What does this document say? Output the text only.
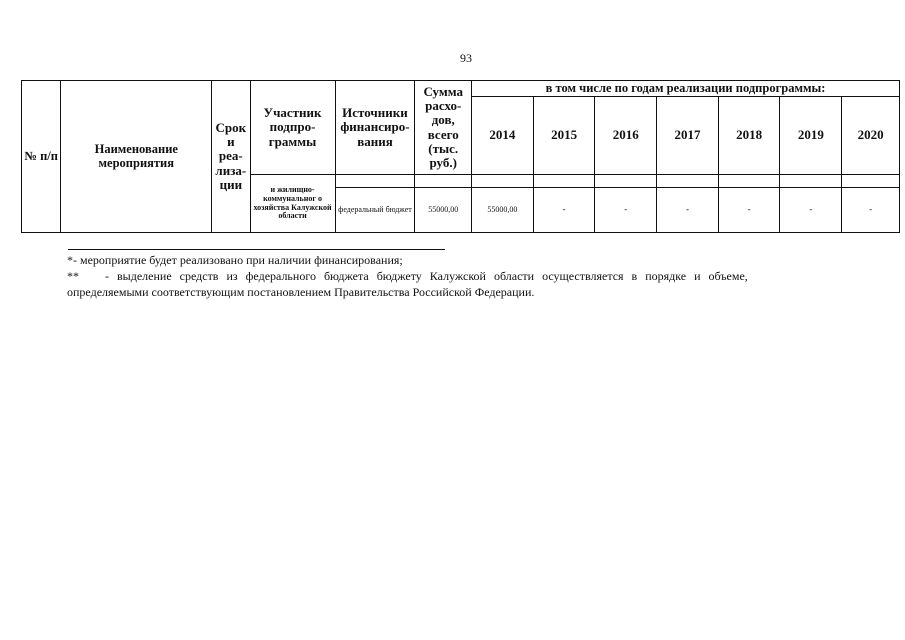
93
№ п/п	Наименование мероприятия	Срок и реа-лиза-ции	Участник подпро-граммы	Источники финансиро-вания	Сумма расхо-дов, всего (тыс. руб.)	в том числе по годам реализации подпрограммы:						
						2014	2015	2016	2017	2018	2019	2020
			и жилищно-коммунальног о хозяйства Калужской области									
				федеральный бюджет	55000,00	55000,00	-	-	-	-	-	-

*- мероприятие будет реализовано при наличии финансирования;

** - выделение средств из федерального бюджета бюджету Калужской области осуществляется в порядке и объеме,

определяемыми соответствующим постановлением Правительства Российской Федерации.
